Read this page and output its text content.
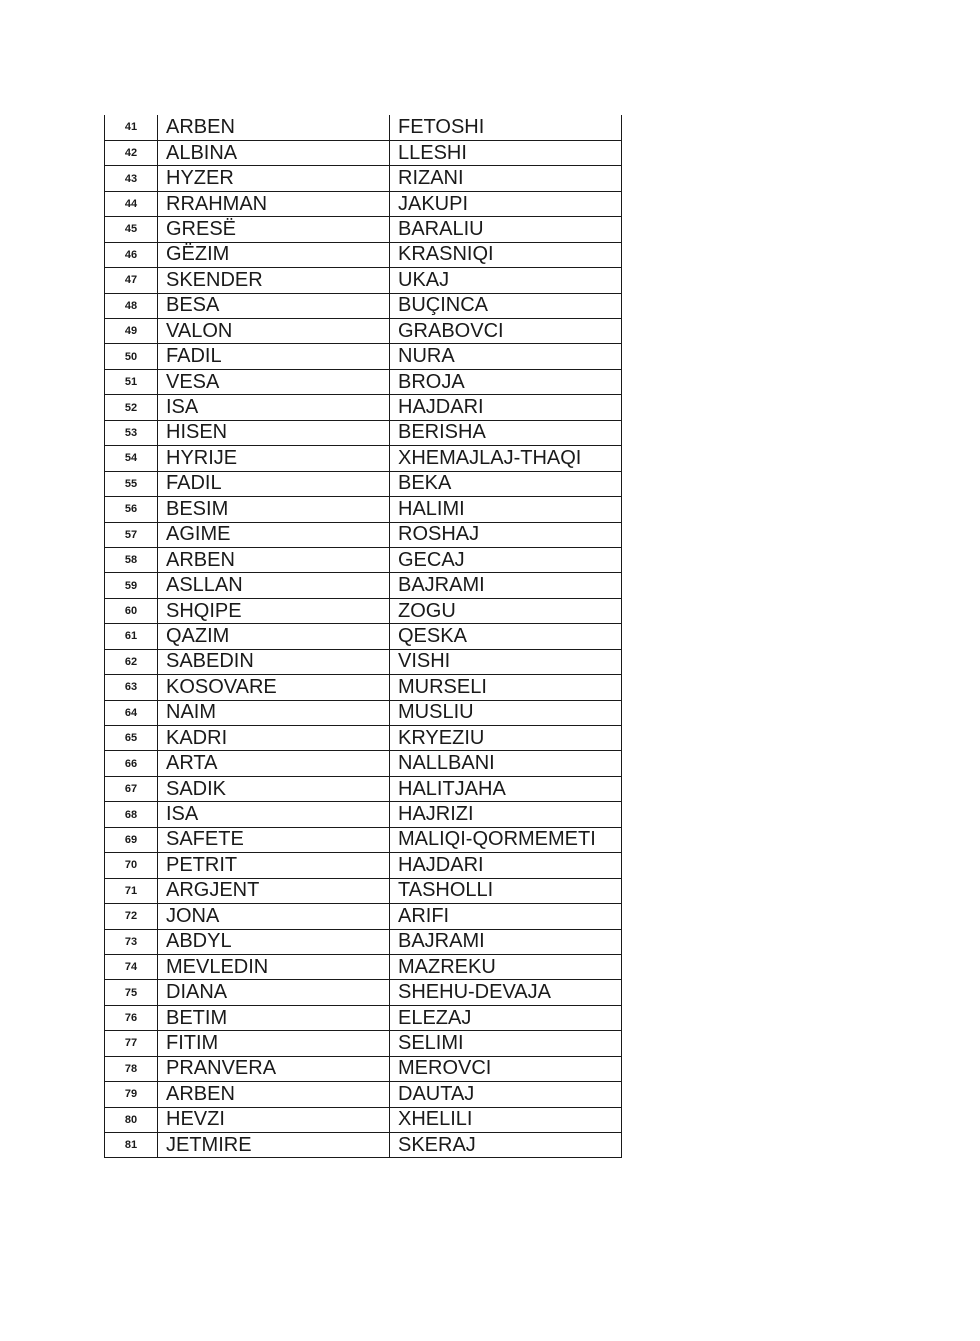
41	ARBEN	FETOSHI
42	ALBINA	LLESHI
43	HYZER	RIZANI
44	RRAHMAN	JAKUPI
45	GRESË	BARALIU
46	GËZIM	KRASNIQI
47	SKENDER	UKAJ
48	BESA	BUÇINCA
49	VALON	GRABOVCI
50	FADIL	NURA
51	VESA	BROJA
52	ISA	HAJDARI
53	HISEN	BERISHA
54	HYRIJE	XHEMAJLAJ-THAQI
55	FADIL	BEKA
56	BESIM	HALIMI
57	AGIME	ROSHAJ
58	ARBEN	GECAJ
59	ASLLAN	BAJRAMI
60	SHQIPE	ZOGU
61	QAZIM	QESKA
62	SABEDIN	VISHI
63	KOSOVARE	MURSELI
64	NAIM	MUSLIU
65	KADRI	KRYEZIU
66	ARTA	NALLBANI
67	SADIK	HALITJAHA
68	ISA	HAJRIZI
69	SAFETE	MALIQI-QORMEMETI
70	PETRIT	HAJDARI
71	ARGJENT	TASHOLLI
72	JONA	ARIFI
73	ABDYL	BAJRAMI
74	MEVLEDIN	MAZREKU
75	DIANA	SHEHU-DEVAJA
76	BETIM	ELEZAJ
77	FITIM	SELIMI
78	PRANVERA	MEROVCI
79	ARBEN	DAUTAJ
80	HEVZI	XHELILI
81	JETMIRE	SKERAJ
